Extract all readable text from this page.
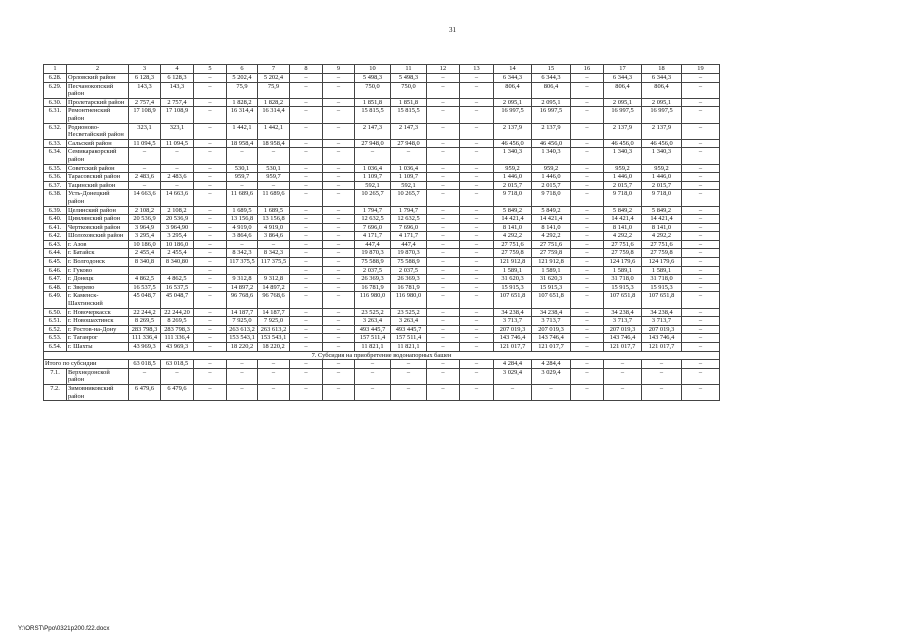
31
1	2	3	4	5	6	7	8	9	10	11	12	13	14	15	16	17	18	19
6.28.	Орловский район	6 128,3	6 128,3	–	5 202,4	5 202,4	–	–	5 498,3	5 498,3	–	–	6 344,3	6 344,3	–	6 344,3	6 344,3	–
6.29.	Песчанокопский район	143,3	143,3	–	75,9	75,9	–	–	750,0	750,0	–	–	806,4	806,4	–	806,4	806,4	–
6.30.	Пролетарский район	2 757,4	2 757,4	–	1 828,2	1 828,2	–	–	1 851,8	1 851,8	–	–	2 095,1	2 095,1	–	2 095,1	2 095,1	–
6.31.	Ремонтненский район	17 108,9	17 108,9	–	16 314,4	16 314,4	–	–	15 815,5	15 815,5	–	–	16 997,5	16 997,5	–	16 997,5	16 997,5	–
6.32.	Родионово-Несветайский район	323,1	323,1	–	1 442,1	1 442,1	–	–	2 147,3	2 147,3	–	–	2 137,9	2 137,9	–	2 137,9	2 137,9	–
6.33.	Сальский район	11 094,5	11 094,5	–	18 958,4	18 958,4	–	–	27 948,0	27 948,0	–	–	46 456,0	46 456,0	–	46 456,0	46 456,0	–
6.34.	Семикаракорский район	–	–	–	–	–	–	–	–	–	–	–	1 340,3	1 340,3	–	1 340,3	1 340,3	–
6.35.	Советский район	–	–	–	530,1	530,1	–	–	1 036,4	1 036,4	–	–	959,2	959,2	–	959,2	959,2	–
6.36.	Тарасовский район	2 483,6	2 483,6	–	959,7	959,7	–	–	1 109,7	1 109,7	–	–	1 446,0	1 446,0	–	1 446,0	1 446,0	–
6.37.	Тацинский район	–	–	–	–	–	–	–	592,1	592,1	–	–	2 015,7	2 015,7	–	2 015,7	2 015,7	–
6.38.	Усть-Донецкий район	14 663,6	14 663,6	–	11 689,6	11 689,6	–	–	10 265,7	10 265,7	–	–	9 718,0	9 718,0	–	9 718,0	9 718,0	–
6.39.	Целинский район	2 108,2	2 108,2	–	1 689,5	1 689,5	–	–	1 794,7	1 794,7	–	–	5 849,2	5 849,2	–	5 849,2	5 849,2	–
6.40.	Цимлянский район	20 536,9	20 536,9	–	13 156,8	13 156,8	–	–	12 632,5	12 632,5	–	–	14 421,4	14 421,4	–	14 421,4	14 421,4	–
6.41.	Чертковский район	3 964,9	3 964,90	–	4 919,0	4 919,0	–	–	7 696,0	7 696,0	–	–	8 141,0	8 141,0	–	8 141,0	8 141,0	–
6.42.	Шолоховский район	3 295,4	3 295,4	–	3 864,6	3 864,6	–	–	4 171,7	4 171,7	–	–	4 292,2	4 292,2	–	4 292,2	4 292,2	–
6.43.	г. Азов	10 186,0	10 186,0	–	–	–	–	–	447,4	447,4	–	–	27 751,6	27 751,6	–	27 751,6	27 751,6	–
6.44.	г. Батайск	2 455,4	2 455,4	–	8 342,3	8 342,3	–	–	19 870,3	19 870,3	–	–	27 759,8	27 759,8	–	27 759,8	27 759,8	–
6.45.	г. Волгодонск	8 340,8	8 340,80	–	117 375,5	117 375,5	–	–	75 588,9	75 588,9	–	–	121 912,8	121 912,8	–	124 179,6	124 179,6	–
6.46.	г. Гуково			–			–	–	2 037,5	2 037,5	–	–	1 589,1	1 589,1	–	1 589,1	1 589,1	–
6.47.	г. Донецк	4 862,5	4 862,5	–	9 312,8	9 312,8	–	–	26 369,3	26 369,3	–	–	31 620,3	31 620,3	–	31 718,0	31 718,0	–
6.48.	г. Зверево	16 537,5	16 537,5	–	14 897,2	14 897,2	–	–	16 781,9	16 781,9	–	–	15 915,3	15 915,3	–	15 915,3	15 915,3	–
6.49.	г. Каменск-Шахтинский	45 048,7	45 048,7	–	96 768,6	96 768,6	–	–	116 980,0	116 980,0	–	–	107 651,8	107 651,8	–	107 651,8	107 651,8	–
6.50.	г. Новочеркасск	22 244,2	22 244,20	–	14 187,7	14 187,7	–	–	23 525,2	23 525,2	–	–	34 238,4	34 238,4	–	34 238,4	34 238,4	–
6.51.	г. Новошахтинск	8 269,5	8 269,5	–	7 925,0	7 925,0	–	–	3 263,4	3 263,4	–	–	3 713,7	3 713,7	–	3 713,7	3 713,7	–
6.52.	г. Ростов-на-Дону	283 798,3	283 798,3	–	263 613,2	263 613,2	–	–	493 445,7	493 445,7	–	–	207 019,3	207 019,3	–	207 019,3	207 019,3	–
6.53.	г. Таганрог	111 336,4	111 336,4	–	153 543,1	153 543,1	–	–	157 511,4	157 511,4	–	–	143 746,4	143 746,4	–	143 746,4	143 746,4	–
6.54.	г. Шахты	43 969,3	43 969,3	–	18 220,2	18 220,2	–	–	11 821,1	11 821,1	–	–	121 017,7	121 017,7	–	121 017,7	121 017,7	–
7. Субсидия на приобретение водонапорных башен																		
Итого по субсидии		63 018,5	63 018,5	–	–	–	–	–	–	–	–	–	4 284,4	4 284,4	–	–	–	–
7.1.	Верхнедонской район	–	–	–	–	–	–	–	–	–	–	–	3 029,4	3 029,4	–	–	–	–
7.2.	Зимовниковский район	6 479,6	6 479,6	–	–	–	–	–	–	–	–	–	–	–	–	–	–	–
Y:\ORST\Ppo\0321p200.f22.docx
